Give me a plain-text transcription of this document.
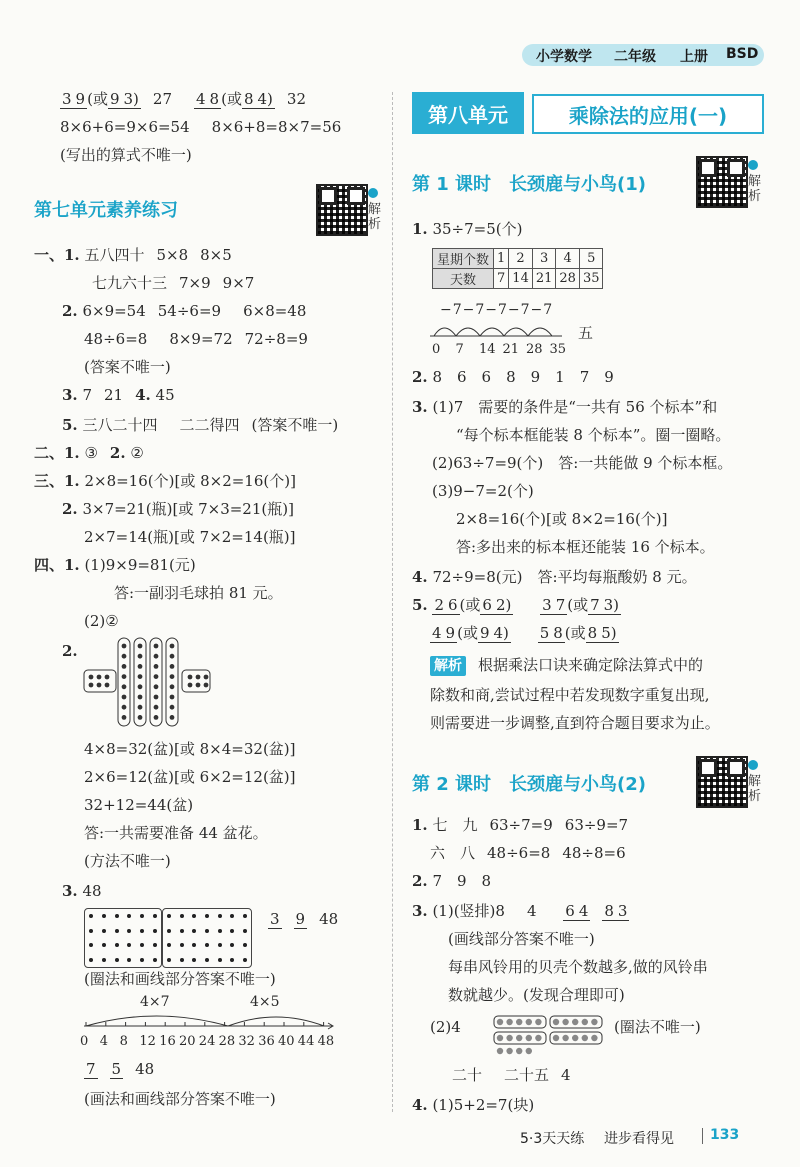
小学数学 二年级 上册 BSD
3 9 (或 9 3) 27 4 8 (或 8 4) 32
8×6+6=9×6=54 8×6+8=8×7=56
(写出的算式不唯一)
第七单元素养练习	解析
一、1. 五八四十 5×8 8×5
七九六十三 7×9 9×7
2. 6×9=54 54÷6=9 6×8=48
48÷6=8 8×9=72 72÷8=9
(答案不唯一)
3. 7 21 4. 45
5. 三八二十四 二二得四 (答案不唯一)
二、1. ③ 2. ②
三、1. 2×8=16(个)[或 8×2=16(个)]
2. 3×7=21(瓶)[或 7×3=21(瓶)]
2×7=14(瓶)[或 7×2=14(瓶)]
四、1. (1)9×9=81(元)
答:一副羽毛球拍 81 元。
(2)②
2.
4×8=32(盆)[或 8×4=32(盆)]
2×6=12(盆)[或 6×2=12(盆)]
32+12=44(盆)
答:一共需要准备 44 盆花。
(方法不唯一)
3. 48
3 9 48
(圈法和画线部分答案不唯一)
4×7	4×5
0 4 8 12 16 20 24 28 32 36 40 44 48
7 5 48
(画法和画线部分答案不唯一)
第八单元	乘除法的应用(一)
第 1 课时　长颈鹿与小鸟(1)	解析
1. 35÷7=5(个)
星期个数	1	2	3	4	5
天数	7	14	21	28	35
−7−7−7−7−7
五
0 7 14 21 28 35
2. 8　6　6　8　9　1　7　9
3. (1)7　需要的条件是“一共有 56 个标本”和
“每个标本框能装 8 个标本”。圈一圈略。
(2)63÷7=9(个)　答:一共能做 9 个标本框。
(3)9−7=2(个)
2×8=16(个)[或 8×2=16(个)]
答:多出来的标本框还能装 16 个标本。
4. 72÷9=8(元)　答:平均每瓶酸奶 8 元。
5. 2 6 (或 6 2) 3 7 (或 7 3)
4 9 (或 9 4) 5 8 (或 8 5)
解析 根据乘法口诀来确定除法算式中的
除数和商,尝试过程中若发现数字重复出现,
则需要进一步调整,直到符合题目要求为止。
第 2 课时　长颈鹿与小鸟(2)	解析
1. 七　九 63÷7=9 63÷9=7
六　八 48÷6=8 48÷8=6
2. 7　9　8
3. (1)(竖排)8 4 6 4 8 3
(画线部分答案不唯一)
每串风铃用的贝壳个数越多,做的风铃串
数就越少。(发现合理即可)
(2)4	(圈法不唯一)
二十 二十五 4
4. (1)5+2=7(块)
5·3天天练 进步看得见	133
